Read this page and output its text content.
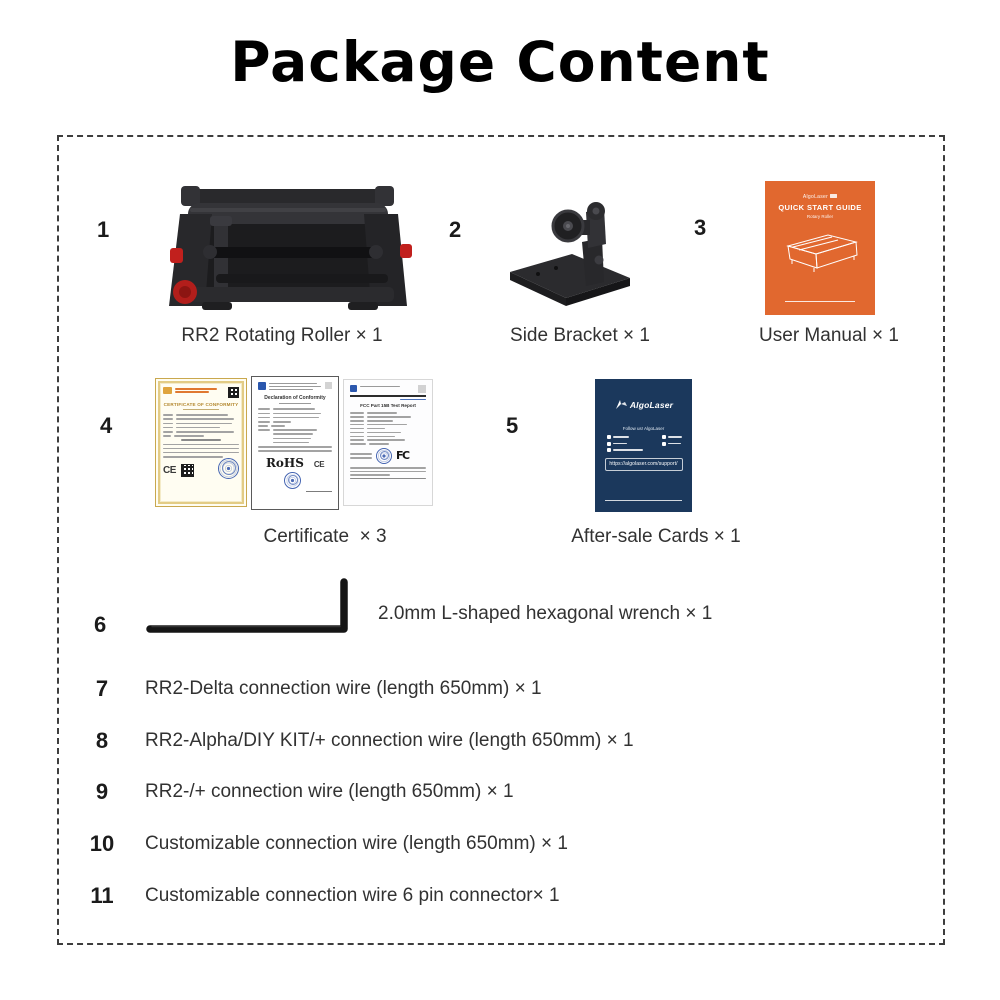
Package Content
1	2	3
4	5
6
AlgoLaser
QUICK START GUIDE
Rotary Roller
CERTIFICATE OF CONFORMITY
CE
Declaration of Conformity
RoHS CE
FCC Part 15B Test Report
FC
AlgoLaser
Follow us! AlgoLaser
https://algolaser.com/support/
RR2 Rotating Roller × 1	Side Bracket × 1	User Manual × 1
Certificate  × 3	After-sale Cards × 1
2.0mm L-shaped hexagonal wrench × 1
7	RR2-Delta connection wire (length 650mm) × 1
8	RR2-Alpha/DIY KIT/+ connection wire (length 650mm) × 1
9	RR2-/+ connection wire (length 650mm) × 1
10	Customizable connection wire (length 650mm) × 1
11	Customizable connection wire 6 pin connector× 1
